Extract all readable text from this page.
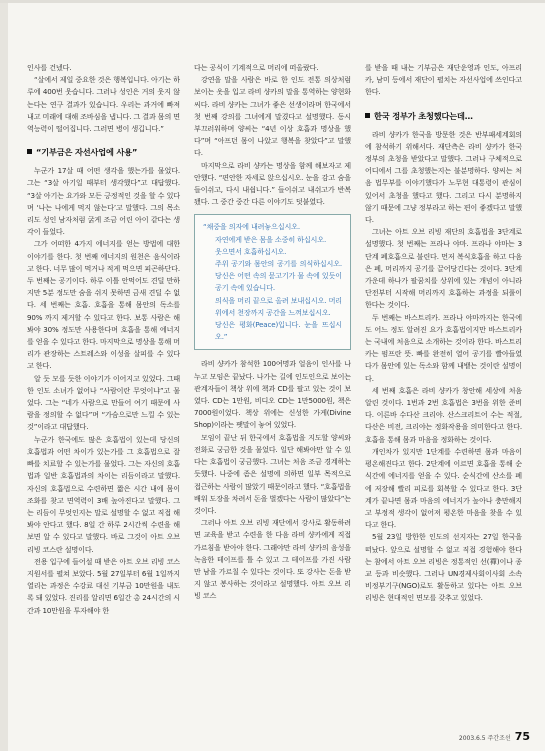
인사를 건넸다.

“살에서 제일 중요한 것은 행복입니다. 아기는 하루에 400번 웃습니다. 그러나 성인은 거의 웃지 않는다는 연구 결과가 있습니다. 우리는 과거에 빠져 내고 미래에 대해 조바심을 냅니다. 그 결과 몸의 면역능력이 떨어집니다. 그러면 병이 생깁니다.”

“기부금은 자선사업에 사용”

누군가 17살 때 어떤 생각을 했는가를 물었다. 그는 “3살 아기일 때부터 생각했다”고 대답했다. “3살 아기는 요가와 모든 긍정적인 것을 할 수 있다며 ‘나는 나에게 먹지 않는다’고 말했다. 그의 목소리도 성인 남자처럼 굵게 조금 어린 아이 같다는 생각이 들었다.

그가 어떠한 4가지 에너지를 얻는 방법에 대한 이야기를 한다. 첫 번째 에너지의 원천은 음식이라고 한다. 너무 많이 먹거나 적게 먹으면 피곤하단다. 두 번째는 공기이다. 하루 이틀 안먹어도 견딜 만하지만 5분 정도만 숨을 쉬지 못하면 금새 견딜 수 없다. 세 번째는 호흡. 호흡을 통해 몸안의 독소를 90% 까지 제거할 수 있다고 한다. 보통 사람은 해봐야 30% 정도만 사용한다며 호흡을 통해 에너지를 얻을 수 있다고 한다. 마지막으로 명상을 통해 머리가 관장하는 스트레스와 이성을 살피를 수 있다고 한다.

알 듯 모를 듯한 이야기가 이어지고 있었다. 그때 한 인도 소녀가 없어나 “사람이란 무엇이냐”고 물었다. 그는 “네가 사람으로 만들어 여기 때문에 사람을 정의할 수 없다”며 “가슴으로만 느낄 수 있는 것”이라고 대답했다.

누군가 한국에도 많은 호흡법이 있는데 당신의 호흡법과 어떤 차이가 있는가를 그 호흡법으로 잘빠를 치료할 수 있는가를 물었다. 그는 자신의 호흡법과 일반 호흡법과의 차이는 리듬이라고 말했다. 자신의 호흡법으로 수련하면 짧은 시간 내에 몸이 조화를 찾고 면역력이 3배 높아진다고 말했다. 그는 리듬이 무엇인지는 말로 설명할 수 없고 직접 해봐야 안다고 했다. 8일 간 하루 2시간씩 수련을 해보면 알 수 있다고 말했다. 바로 그것이 아트 오브 리빙 코스란 설명이다.

전용 입구에 들어설 때 받은 아트 오브 리빙 코스 지원서를 펼쳐 보았다. 5월 27일부터 6월 1일까지 열리는 과정은 수강료 대신 기부금 10만원을 내도록 돼 있었다. 진리를 알리면 6일간 총 24시간의 시간과 10만원을 투자해야 한

다는 공식이 기계적으로 머리에 떠올랐다.

강연을 말을 사람은 바로 한 인도 전통 의상처럼 보이는 옷을 입고 라비 샹카의 말을 통역하는 양현화씨다. 라비 샹카는 그녀가 좋은 선생이라며 한국에서 첫 번째 강의를 그녀에게 말겼다고 설명했다. 동시 부끄러워하며 양씨는 “4년 이상 호흡과 명상을 했다”며 “아프던 몸이 나았고 행복을 찾았다”고 말했다.

마지막으로 라비 샹카는 명상을 함께 해보자고 제안했다. “편안한 자세로 앉으십시오. 눈을 감고 숨을 들이쉬고, 다시 내쉽니다.” 들이쉬고 내쉬고가 반복됐다. 그 중간 중간 다른 이야기도 덧붙였다.

“채중을 의자에 내려놓으십시오.
자연에게 받은 몸을 소중히 하십시오.
웃으면서 호흡하십시오.
주위 공기와 몸안의 공기를 의식하십시오. 당신은 어떤 속의 묻고기가 물 속에 있듯이 공기 속에 있습니다.
의식을 머리 끝으로 올려 보내십시오. 머리 위에서 천장까지 공간을 느껴보십시오.
당신은 평화(Peace)입니다. 눈을 뜨십시오.”

라비 샹카가 참석한 100여명과 얼음이 인사를 나누고 모임은 끝났다. 나가는 길에 인도인으로 보이는 관계자들이 책상 위에 책과 CD를 팔고 있는 것이 보였다. CD는 1만원, 비디오 CD는 1만5000원, 책은 7000원이었다. 책상 위에는 신성한 가게(Divine Shop)이라는 팻말이 놓여 있었다.

모임이 끝난 뒤 한국에서 호흡법을 지도할 양씨와 전화로 궁금한 것을 물었다. 일단 해봐야만 알 수 있다는 호흡법이 궁금했다. 그녀는 처음 조금 경계하는 듯했다. 나중에 좀은 설명에 의하면 일부 목적으로 접근하는 사람이 많았기 때문이라고 했다. “호흡법을 배워 도장을 차려서 돈을 벌겠다는 사람이 많았다”는 것이다.

그러나 아트 오브 리빙 재단에서 강사로 활동하려면 교육을 받고 수련을 한 다음 라비 샹카에게 직접 가르침을 받아야 한다. 그래야만 라비 샹카의 음성을 녹음한 테이프를 틀 수 있고 그 테이프를 가진 사람만 남을 가르칠 수 있다는 것이다. 또 강사는 돈을 받지 않고 봉사하는 것이라고 설명했다. 아트 오브 리빙 코스

를 받을 때 내는 기부금은 재단운영과 인도, 아프리카, 남미 등에서 재단이 펼치는 자선사업에 쓰인다고 한다.

한국 정부가 초청했다는데…

라비 샹카가 한국을 방문한 것은 반부패세계회의에 참석하기 위해서다. 재단측은 라비 샹카가 한국 정부의 초청을 받았다고 말했다. 그러나 구체적으로 어디에서 그를 초청했는지는 불분명하다. 양씨는 처음 법무부를 이야기했다가 노무현 대통령이 관심이 있어서 초청을 했다고 했다. 그리고 다시 분명하지 않기 때문에 그냥 정부라고 하는 편이 좋겠다고 말했다.

그녀는 아트 오브 리빙 재단의 호흡법을 3단계로 설명했다. 첫 번째는 프라나 야마. 프라나 야마는 3단계 폐호흡으로 불린다. 먼저 복식호흡을 하고 다음은 폐, 머리까지 공기를 끌어당긴다는 것이다. 3단계 가운데 하나가 팔꿈치를 상위에 있는 개념이 아니라 단전부터 시작해 머리까지 호흡하는 과정을 되풀이한다는 것이다.

두 번째는 바스트리카. 프라나 야마까지는 한국에도 어느 정도 알려진 요가 호흡법이지만 바스트리카는 국내에 처음으로 소개하는 것이라 한다. 바스트리카는 펌프란 뜻. 빠를 완전히 열어 공기를 빨아들였다가 몸안에 있는 독소와 함께 내뱉는 것이란 설명이다.

세 번째 호흡은 라비 샹카가 창안해 세상에 처음 알린 것이다. 1번과 2번 호흡법은 3번을 위한 준비다. 이른바 수다산 크리야. 산스크리트어 수는 적절, 다산은 비전, 크리야는 정화작용을 의미한다고 한다. 호흡을 통해 몸과 마음을 정화하는 것이다.

개인차가 있지만 1단계를 수련하면 몸과 마음이 평온해진다고 한다. 2단계에 이르면 호흡을 통해 순식간에 에너지를 얻을 수 있다. 순식간에 산소를 폐에 저장해 빨리 피로를 회복할 수 있다고 한다. 3단계가 끝나면 몸과 마음의 에너지가 높아나 충만해지고 부정적 생각이 없어져 평온한 마음을 찾을 수 있다고 한다.

5월 23일 방한한 인도의 선지자는 27일 한국을 떠났다. 앞으로 설명할 수 없고 직접 경험해야 한다는 참에서 아트 오브 리빙은 정통적인 선(禪)이나 종교 등과 비슷했다. 그러나 UN경제사회이사회 소속 비정부기구(NGO)로도 활동하고 있다는 아트 오브 리빙은 현대적인 면모를 갖추고 있었다.

2003.6.5 주간조선 75
